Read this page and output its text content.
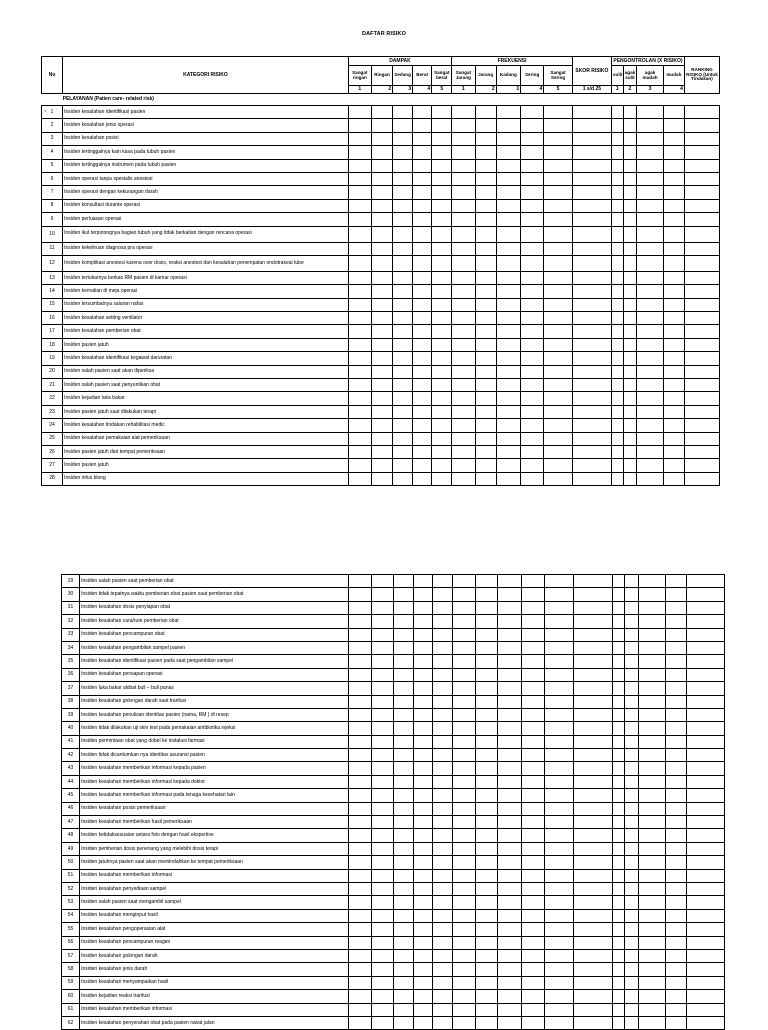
DAFTAR RISIKO
1
No	KATEGORI RISIKO	DAMPAK					FREKUENSI					SKOR RISIKO	PENGONTROLAN (X RISIKO)				RANKING RISIKO (Untuk Tindakan)
		Sangat ringan	Ringan	Sedang	Berat	Sangat berat	Sangat Jarang	Jarang	Kadang	Sering	Sangat Sering		sulit	agak sulit	agak mudah	mudah	
		1	2	3	4	5	1	2	3	4	5	1 s/d 25	1	2	3	4	
	PELAYANAN (Patien care- related risk)																
1	Insiden kesalahan identifikasi pasien																
2	Insiden kesalahan jenis operasi																
3	Insiden kesalahan posisi																
4	Insiden tertinggalnya kain kasa pada tubuh pasien																
5	Insiden tertinggalnya instrumen pada tubuh pasien																
6	Insiden operasi tanpa spesialis anestesi																
7	Insiden operasi dengan kekurangan darah																
8	Insiden konsultasi durante operasi																
9	Insiden perluasan operasi																
10	Insiden ikut terpotongnya bagian tubuh yang tidak berkaitan dengan rencana operasi																
11	Insiden kekeliruan diagnosa pra operasi																
12	Insiden komplikasi anestesi karena over dosis, reaksi anestesi dan kesalahan penempatan endotrakeal tube																
13	Insiden tertukarnya berkas RM pasien di kamar operasi																
14	Insiden kematian di meja operasi																
15	Insiden tersumbatnya saluran nafas																
16	Insiden kesalahan setting ventilator																
17	Insiden kesalahan pemberian obat																
18	Insiden pasien jatuh																
19	Insiden kesalahan identifikasi kegawat daruratan																
20	Insiden salah pasien saat akan diperiksa																
21	Insiden salah pasien saat penyuntikan obat																
22	Insiden kejadian luka bakar																
23	Insiden pasien jatuh saat dilakukan terapi																
24	Insiden kesalahan tindakan rehabilitasi medic																
25	Insiden kesalahan pemakaian alat pemeriksaan																
26	Insiden pasien jatuh dari tempat pemeriksaan																
27	Insiden pasien jatuh																
28	Insiden infus blong																
29	Insiden salah pasien saat pemberian obat																
30	Insiden tidak tepatnya waktu pemberian obat pasien saat pemberian obat																
31	Insiden kesalahan dosis penyiapan obat																
32	Insiden kesalahan cara/rute pemberian obat																
33	Insiden kesalahan pencampuran obat																
34	Insiden kesalahan pengambilan sampel pasien																
35	Insiden kesalahan identifikasi pasien pada saat pengambilan sampel																
36	Insiden kesalahan persiapan operasi																
37	Insiden luka bakar akibat buli – buli panas																
38	Insiden kesalahan golongan darah saat tranfusi																
39	Insiden kesalahan penulisan identitas pasien (nama, RM ) di resep																
40	Insiden tidak dilakukan uji skin test pada pemakaian antibiotika injeksi																
41	Insiden permintaan obat yang dobel ke instalasi farmasi																
42	Insiden tidak dicantumkan nya identitas asuransi pasien																
43	Insiden kesalahan memberikan informasi kepada pasien																
44	Insiden kesalahan memberikan informasi kepada doktor																
45	Insiden kesalahan memberikan informasi pada tenaga kesehatan lain																
46	Insiden kesalahan posisi pemeriksaan																
47	Insiden kesalahan memberikan hasil pemeriksaan																
48	Insiden ketidaksesuaian antara foto dengan hasil ekspertise																
49	Insiden pemberian dosis penenang yang melebihi dosis terapi																
50	Insiden jatuhnya pasien saat akan memindahkan ke tempat pemeriksaan																
51	Insiden kesalahan memberikan informasi																
52	Insiden kesalahan penyediaan sampel																
53	Insiden salah pasien saat mengambil sampel																
54	Insiden kesalahan menginput hasil																
55	Insiden kesalahan pengoperasian alat																
56	Insiden kesalahan pencampuran reagen																
57	Insiden kesalahan golongan darah																
58	Insiden kesalahan jenis darah																
59	Insiden kesalahan menyampaikan hasil																
60	Insiden kejadian reaksi tranfusi																
61	Insiden kesalahan memberikan informasi																
62	Insiden kesalahan penyerahan obat pada pasien rawat jalan																
